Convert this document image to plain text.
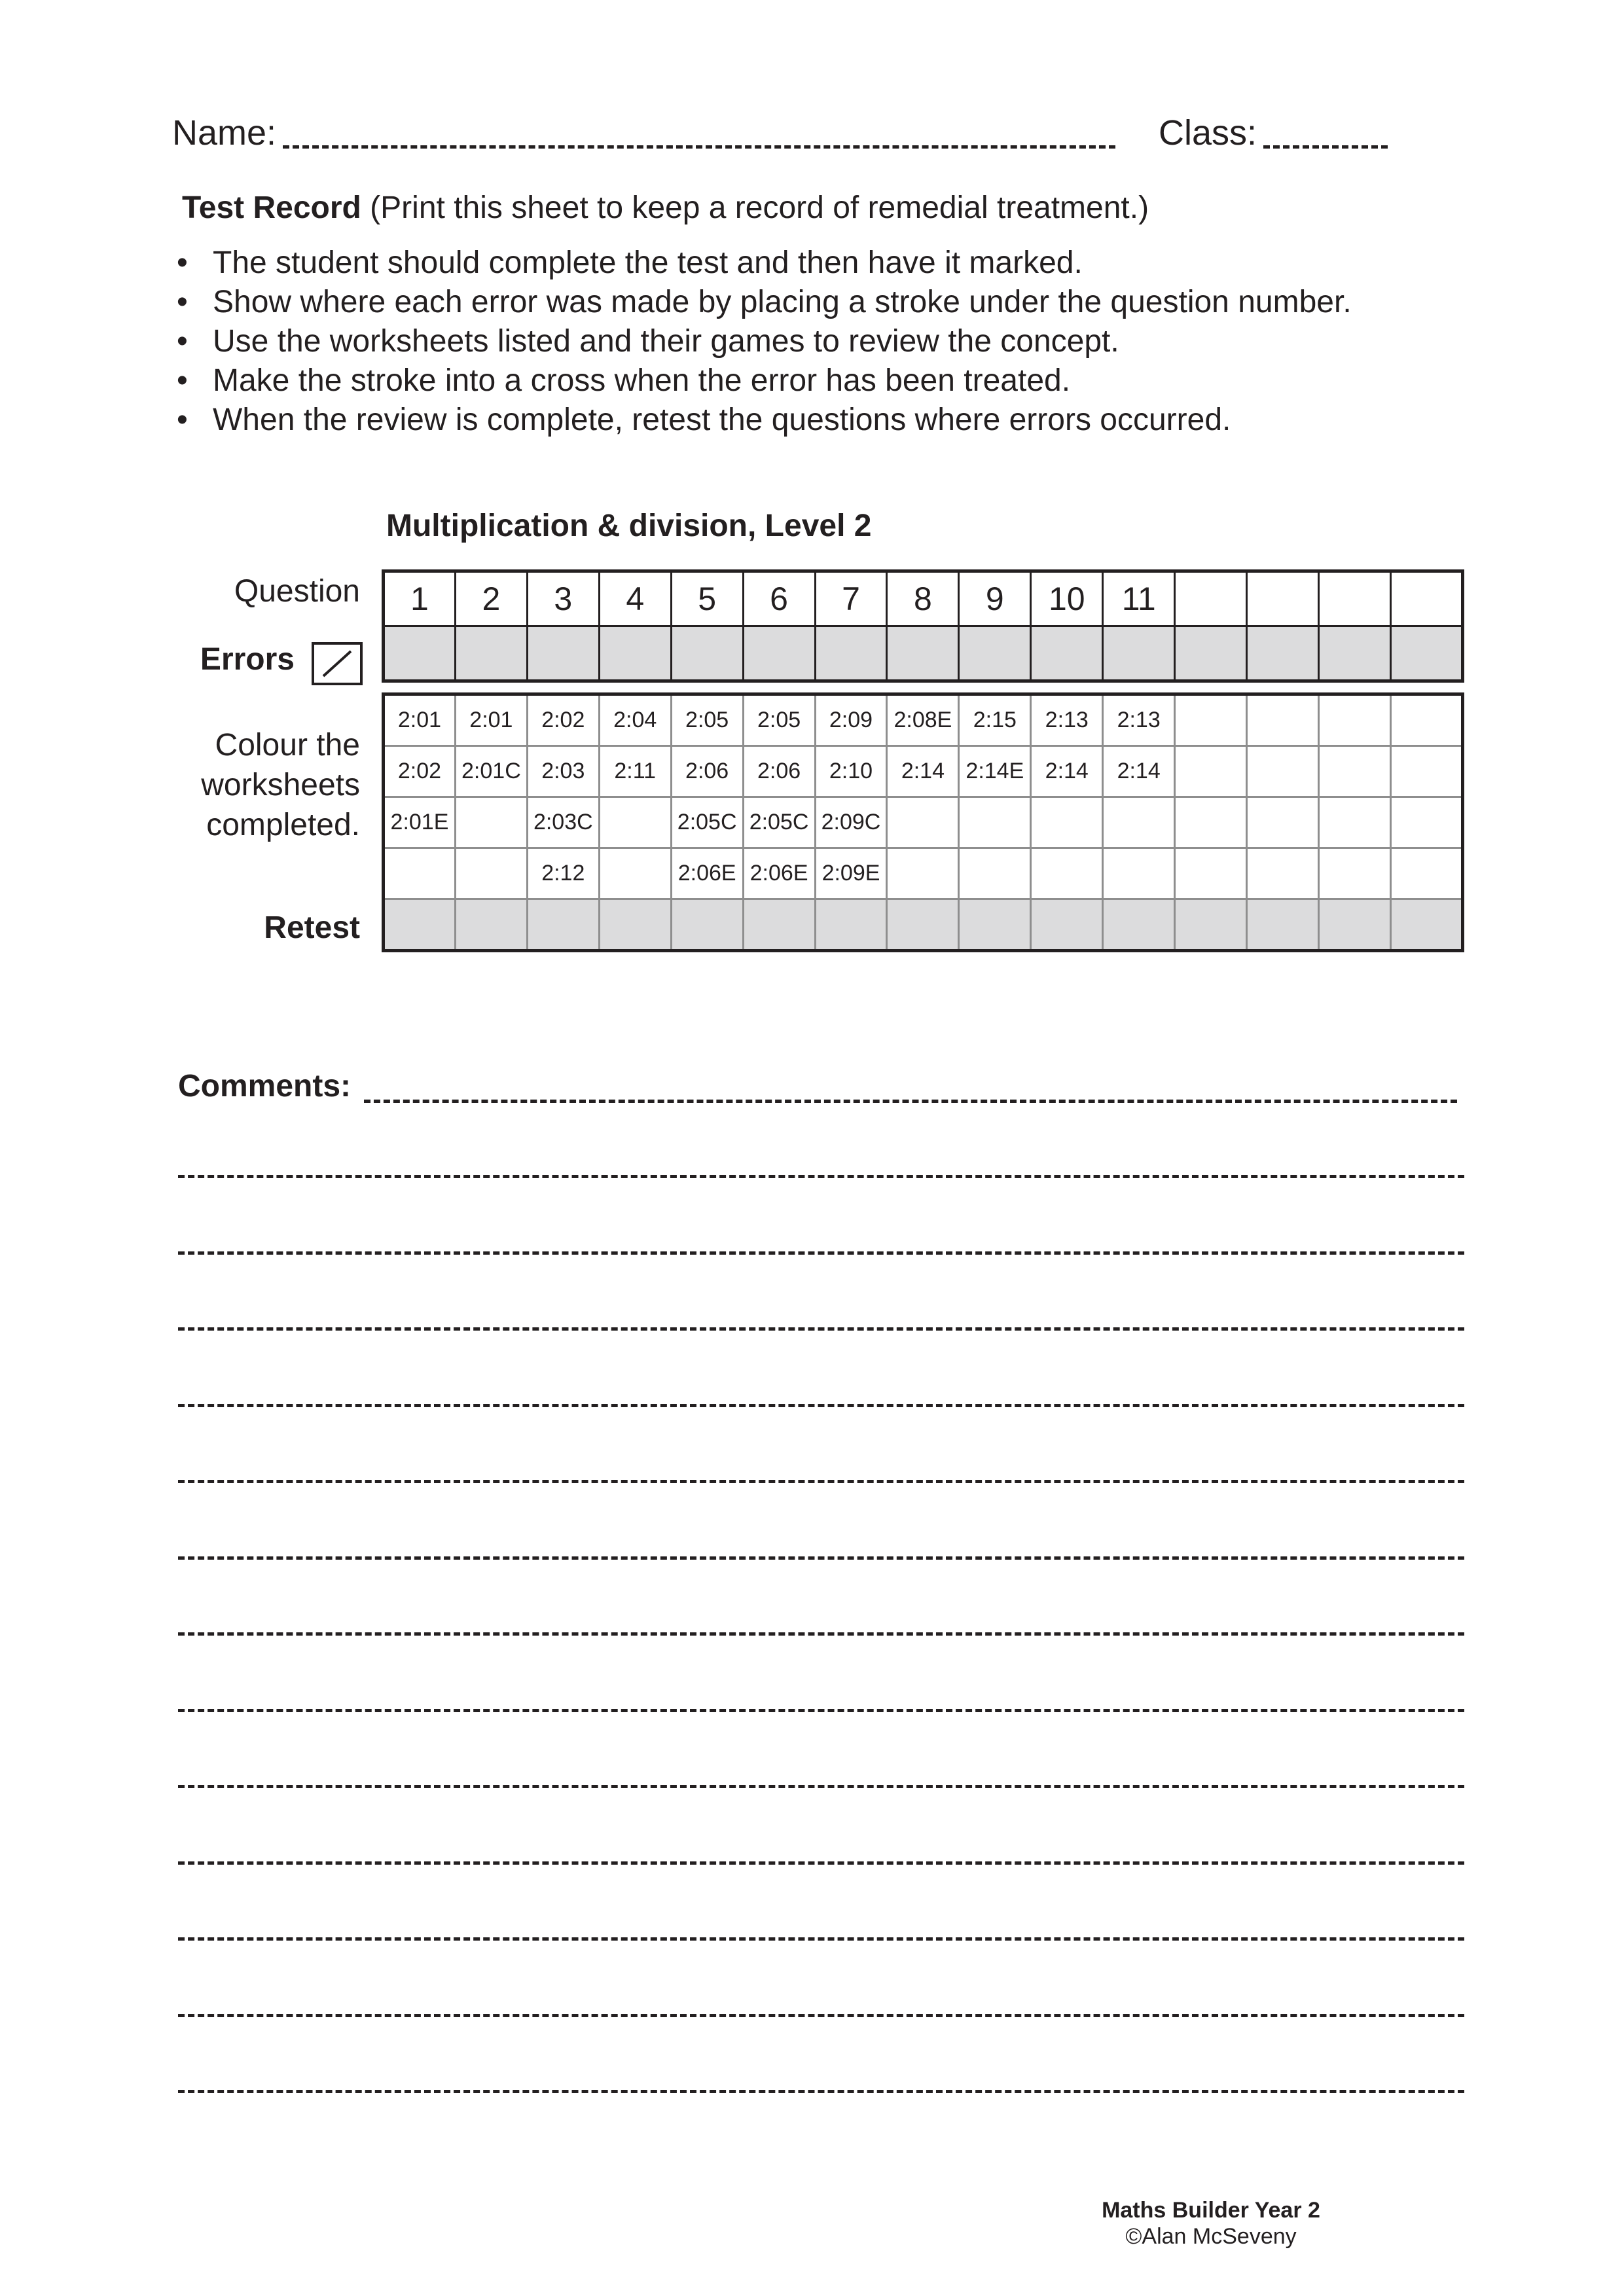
Name:	Class:
Test Record (Print this sheet to keep a record of remedial treatment.)
• The student should complete the test and then have it marked.
• Show where each error was made by placing a stroke under the question number.
• Use the worksheets listed and their games to review the concept.
• Make the stroke into a cross when the error has been treated.
• When the review is complete, retest the questions where errors occurred.
Multiplication & division, Level 2
Question
Errors
Colour the
worksheets
completed.
Retest
1	2	3	4	5	6	7	8	9	10	11				

2:01	2:01	2:02	2:04	2:05	2:05	2:09	2:08E	2:15	2:13	2:13				
2:02	2:01C	2:03	2:11	2:06	2:06	2:10	2:14	2:14E	2:14	2:14				
2:01E		2:03C		2:05C	2:05C	2:09C								
		2:12		2:06E	2:06E	2:09E								

Comments:
Maths Builder Year 2
©Alan McSeveny
